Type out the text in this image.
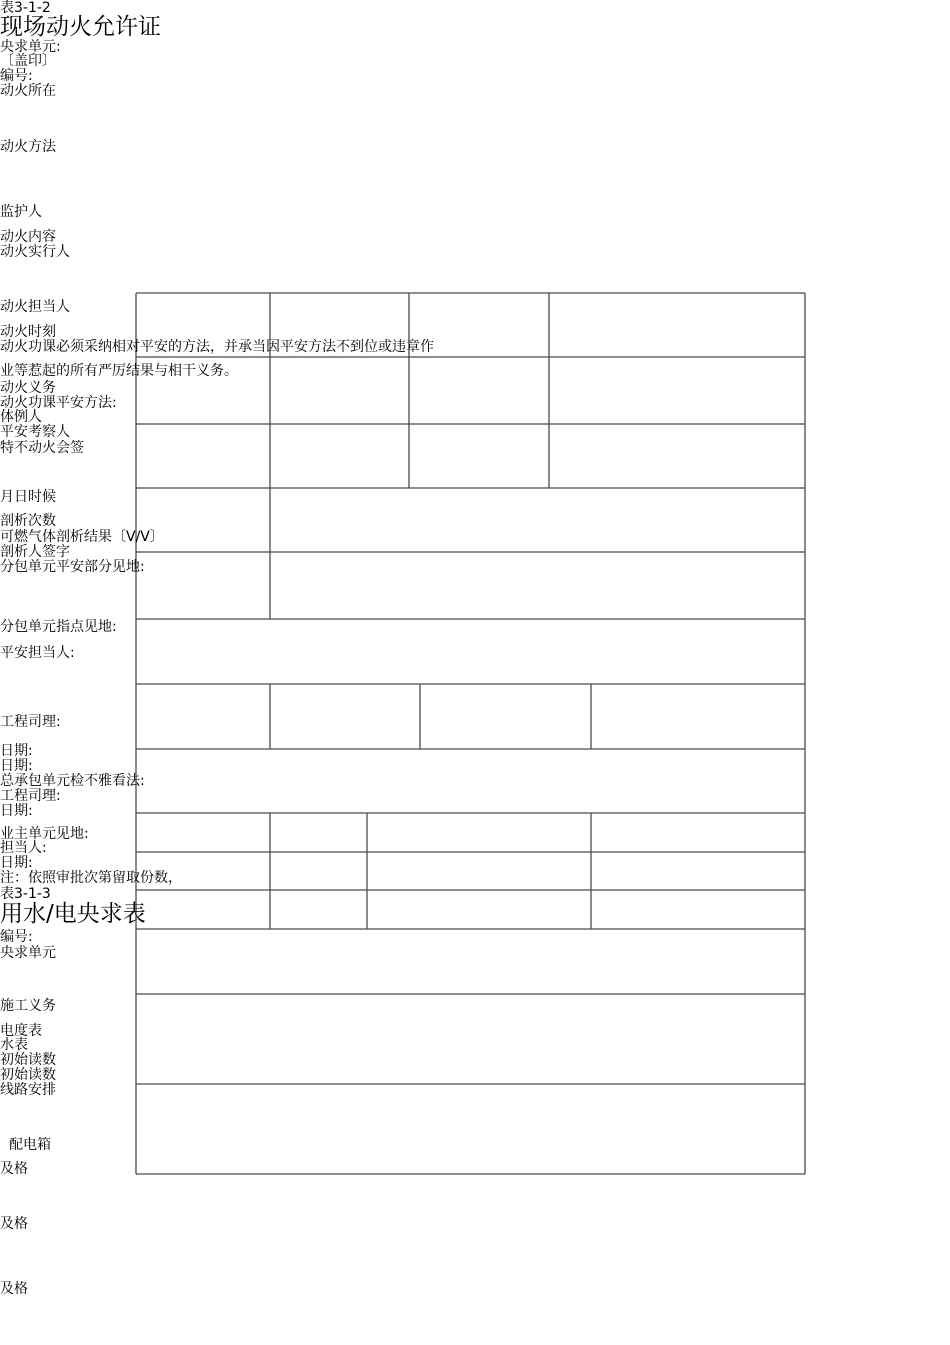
表3-1-2
现场动火允许证
央求单元:
〔盖印〕
编号:
动火所在
动火方法
监护人
动火内容
动火实行人
动火担当人
动火时刻
动火功课必须采纳相对平安的方法，并承当因平安方法不到位或违章作
业等惹起的所有严厉结果与相干义务。
动火义务
动火功课平安方法:
体例人
平安考察人
特不动火会签
月日时候
剖析次数
可燃气体剖析结果〔V/V〕
剖析人签字
分包单元平安部分见地:
分包单元指点见地:
平安担当人:
工程司理:
日期:
日期:
总承包单元检不雅看法:
工程司理:
日期:
业主单元见地:
担当人:
日期:
注：依照审批次第留取份数，
表3-1-3
用水/电央求表
编号:
央求单元
施工义务
电度表
水表
初始读数
初始读数
线路安排
配电箱
及格
及格
及格
